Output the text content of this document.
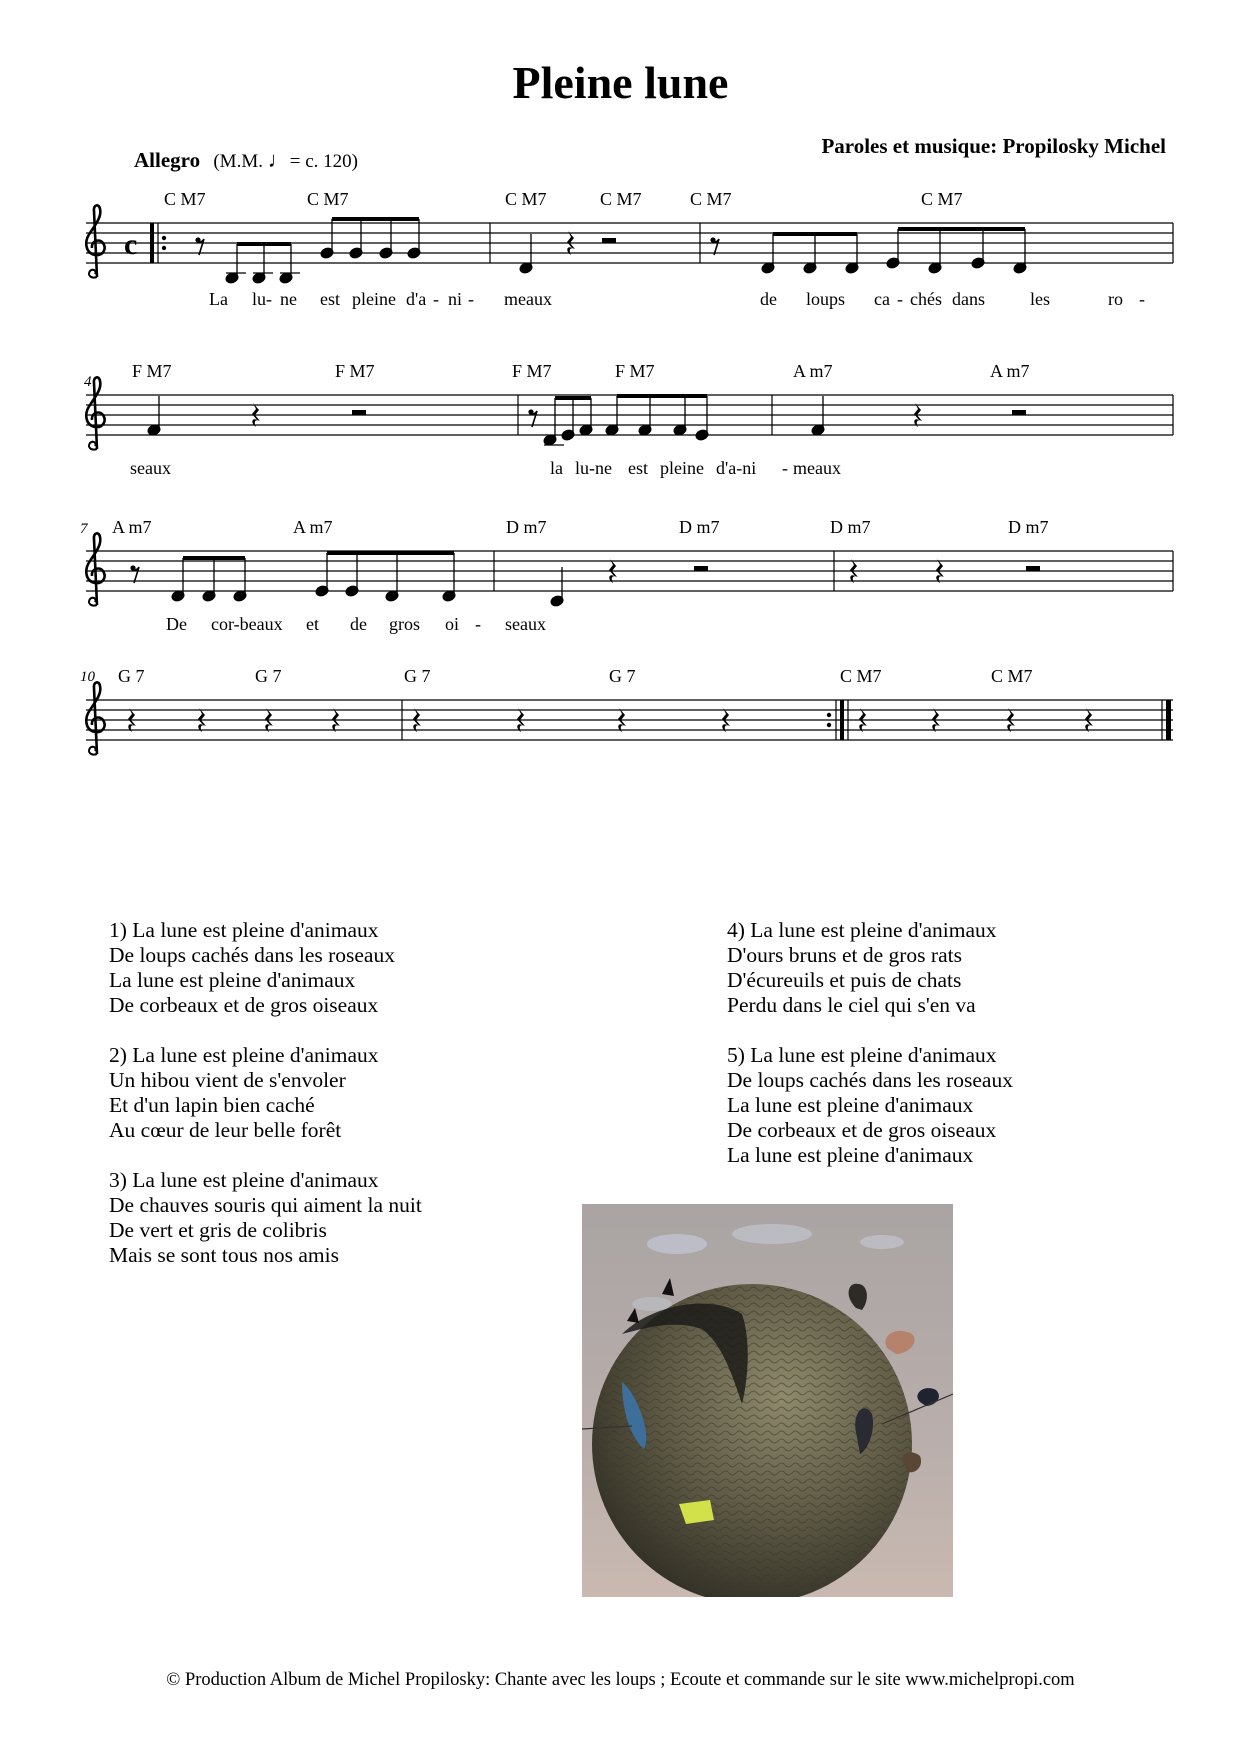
Pleine lune
Paroles et musique: Propilosky Michel
Allegro (M.M. ♩= c. 120)
c
C M7	C M7	C M7	C M7	C M7	C M7
La lu- ne est pleine d'a - ni - meaux	de loups ca - chés dans	les	ro -
4
F M7	F M7	F M7	F M7	A m7	A m7
seaux	la lu-ne est pleine d'a-ni - meaux
7 A m7	A m7	D m7	D m7	D m7	D m7
De cor-beaux et de gros oi - seaux
10 G 7	G 7	G 7	G 7	C M7	C M7
1) La lune est pleine d'animaux
De loups cachés dans les roseaux
La lune est pleine d'animaux
De corbeaux et de gros oiseaux
2) La lune est pleine d'animaux
Un hibou vient de s'envoler
Et d'un lapin bien caché
Au cœur de leur belle forêt
3) La lune est pleine d'animaux
De chauves souris qui aiment la nuit
De vert et gris de colibris
Mais se sont tous nos amis
4) La lune est pleine d'animaux
D'ours bruns et de gros rats
D'écureuils et puis de chats
Perdu dans le ciel qui s'en va
5) La lune est pleine d'animaux
De loups cachés dans les roseaux
La lune est pleine d'animaux
De corbeaux et de gros oiseaux
La lune est pleine d'animaux
© Production Album de Michel Propilosky: Chante avec les loups ; Ecoute et commande sur le site www.michelpropi.com
